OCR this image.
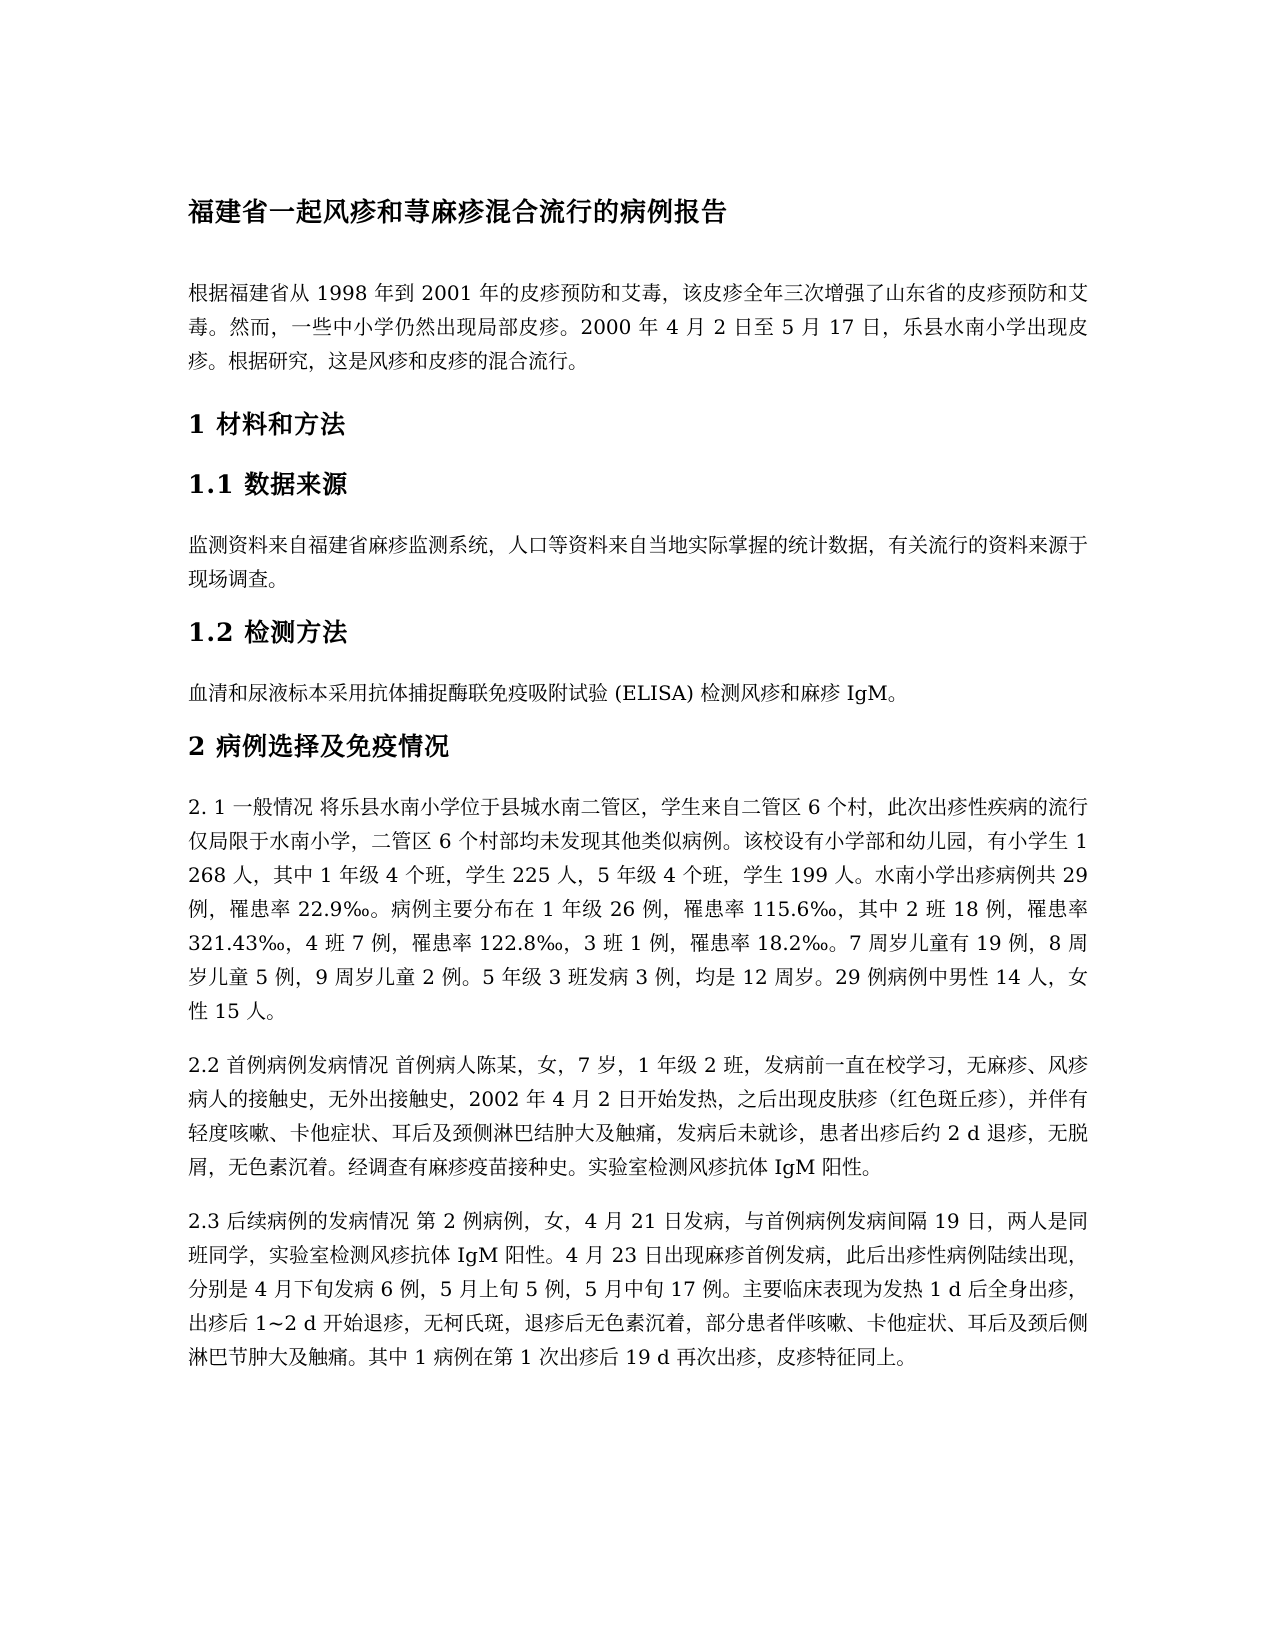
福建省一起风疹和荨麻疹混合流行的病例报告

根据福建省从 1998 年到 2001 年的皮疹预防和艾毒，该皮疹全年三次增强了山东省的皮疹预防和艾毒。然而，一些中小学仍然出现局部皮疹。2000 年 4 月 2 日至 5 月 17 日，乐县水南小学出现皮疹。根据研究，这是风疹和皮疹的混合流行。

1 材料和方法
1.1 数据来源

监测资料来自福建省麻疹监测系统，人口等资料来自当地实际掌握的统计数据，有关流行的资料来源于现场调查。

1.2 检测方法

血清和尿液标本采用抗体捕捉酶联免疫吸附试验 (ELISA) 检测风疹和麻疹 IgM。

2 病例选择及免疫情况

2. 1 一般情况 将乐县水南小学位于县城水南二管区，学生来自二管区 6 个村，此次出疹性疾病的流行仅局限于水南小学，二管区 6 个村部均未发现其他类似病例。该校设有小学部和幼儿园，有小学生 1 268 人，其中 1 年级 4 个班，学生 225 人，5 年级 4 个班，学生 199 人。水南小学出疹病例共 29 例，罹患率 22.9‰。病例主要分布在 1 年级 26 例，罹患率 115.6‰，其中 2 班 18 例，罹患率 321.43‰，4 班 7 例，罹患率 122.8‰，3 班 1 例，罹患率 18.2‰。7 周岁儿童有 19 例，8 周岁儿童 5 例，9 周岁儿童 2 例。5 年级 3 班发病 3 例，均是 12 周岁。29 例病例中男性 14 人，女性 15 人。

2.2 首例病例发病情况 首例病人陈某，女，7 岁，1 年级 2 班，发病前一直在校学习，无麻疹、风疹病人的接触史，无外出接触史，2002 年 4 月 2 日开始发热，之后出现皮肤疹（红色斑丘疹），并伴有轻度咳嗽、卡他症状、耳后及颈侧淋巴结肿大及触痛，发病后未就诊，患者出疹后约 2 d 退疹，无脱屑，无色素沉着。经调查有麻疹疫苗接种史。实验室检测风疹抗体 IgM 阳性。

2.3 后续病例的发病情况 第 2 例病例，女，4 月 21 日发病，与首例病例发病间隔 19 日，两人是同班同学，实验室检测风疹抗体 IgM 阳性。4 月 23 日出现麻疹首例发病，此后出疹性病例陆续出现，分别是 4 月下旬发病 6 例，5 月上旬 5 例，5 月中旬 17 例。主要临床表现为发热 1 d 后全身出疹，出疹后 1~2 d 开始退疹，无柯氏斑，退疹后无色素沉着，部分患者伴咳嗽、卡他症状、耳后及颈后侧淋巴节肿大及触痛。其中 1 病例在第 1 次出疹后 19 d 再次出疹，皮疹特征同上。
